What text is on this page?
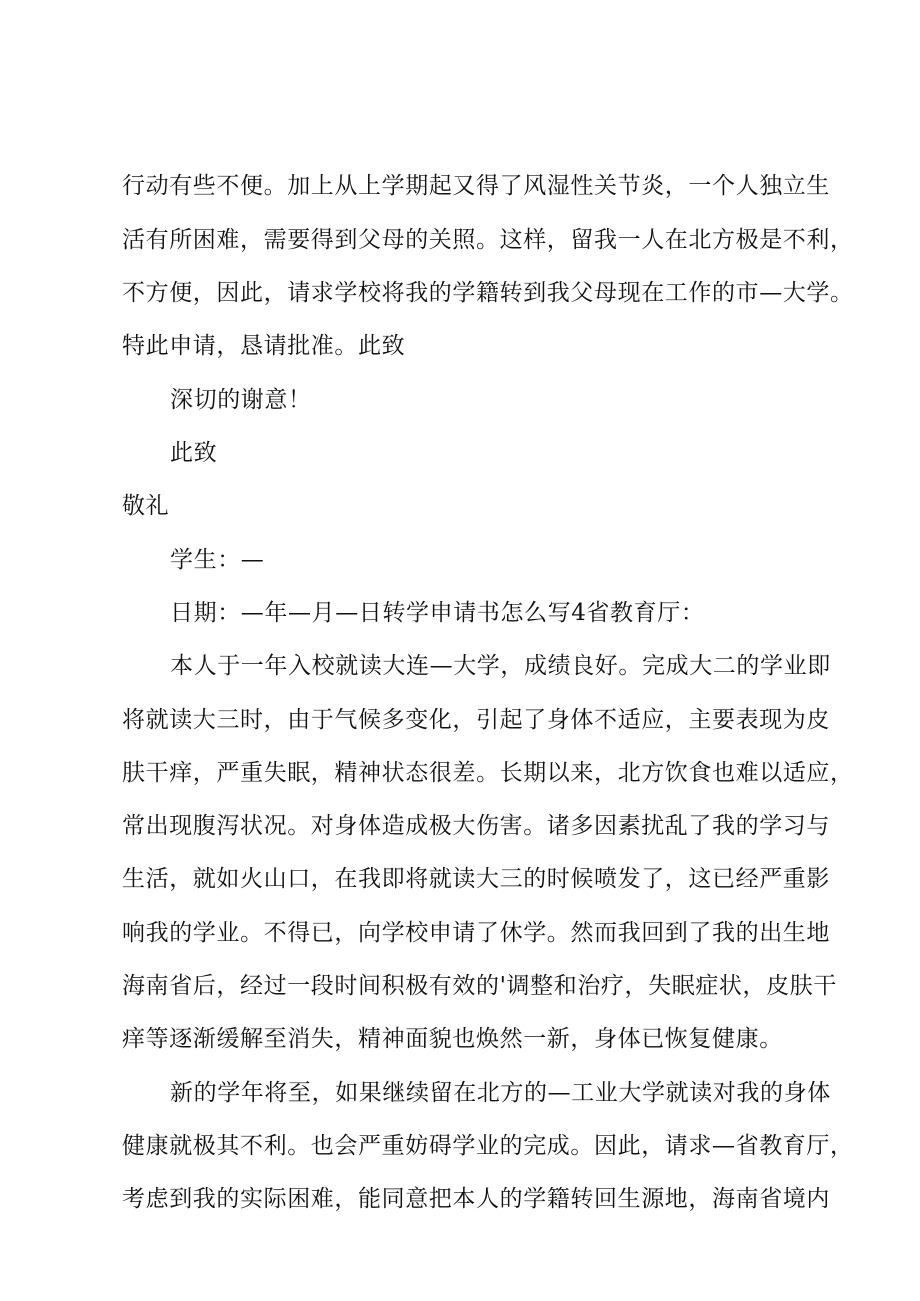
行动有些不便。加上从上学期起又得了风湿性关节炎，一个人独立生
活有所困难，需要得到父母的关照。这样，留我一人在北方极是不利，
不方便，因此，请求学校将我的学籍转到我父母现在工作的市—大学。
特此申请，恳请批准。此致
深切的谢意！
此致
敬礼
学生：—
日期：—年—月—日转学申请书怎么写4省教育厅：
本人于一年入校就读大连—大学，成绩良好。完成大二的学业即
将就读大三时，由于气候多变化，引起了身体不适应，主要表现为皮
肤干痒，严重失眠，精神状态很差。长期以来，北方饮食也难以适应，
常出现腹泻状况。对身体造成极大伤害。诸多因素扰乱了我的学习与
生活，就如火山口，在我即将就读大三的时候喷发了，这已经严重影
响我的学业。不得已，向学校申请了休学。然而我回到了我的出生地
海南省后，经过一段时间积极有效的'调整和治疗，失眠症状，皮肤干
痒等逐渐缓解至消失，精神面貌也焕然一新，身体已恢复健康。
新的学年将至，如果继续留在北方的—工业大学就读对我的身体
健康就极其不利。也会严重妨碍学业的完成。因此，请求—省教育厅，
考虑到我的实际困难，能同意把本人的学籍转回生源地，海南省境内
